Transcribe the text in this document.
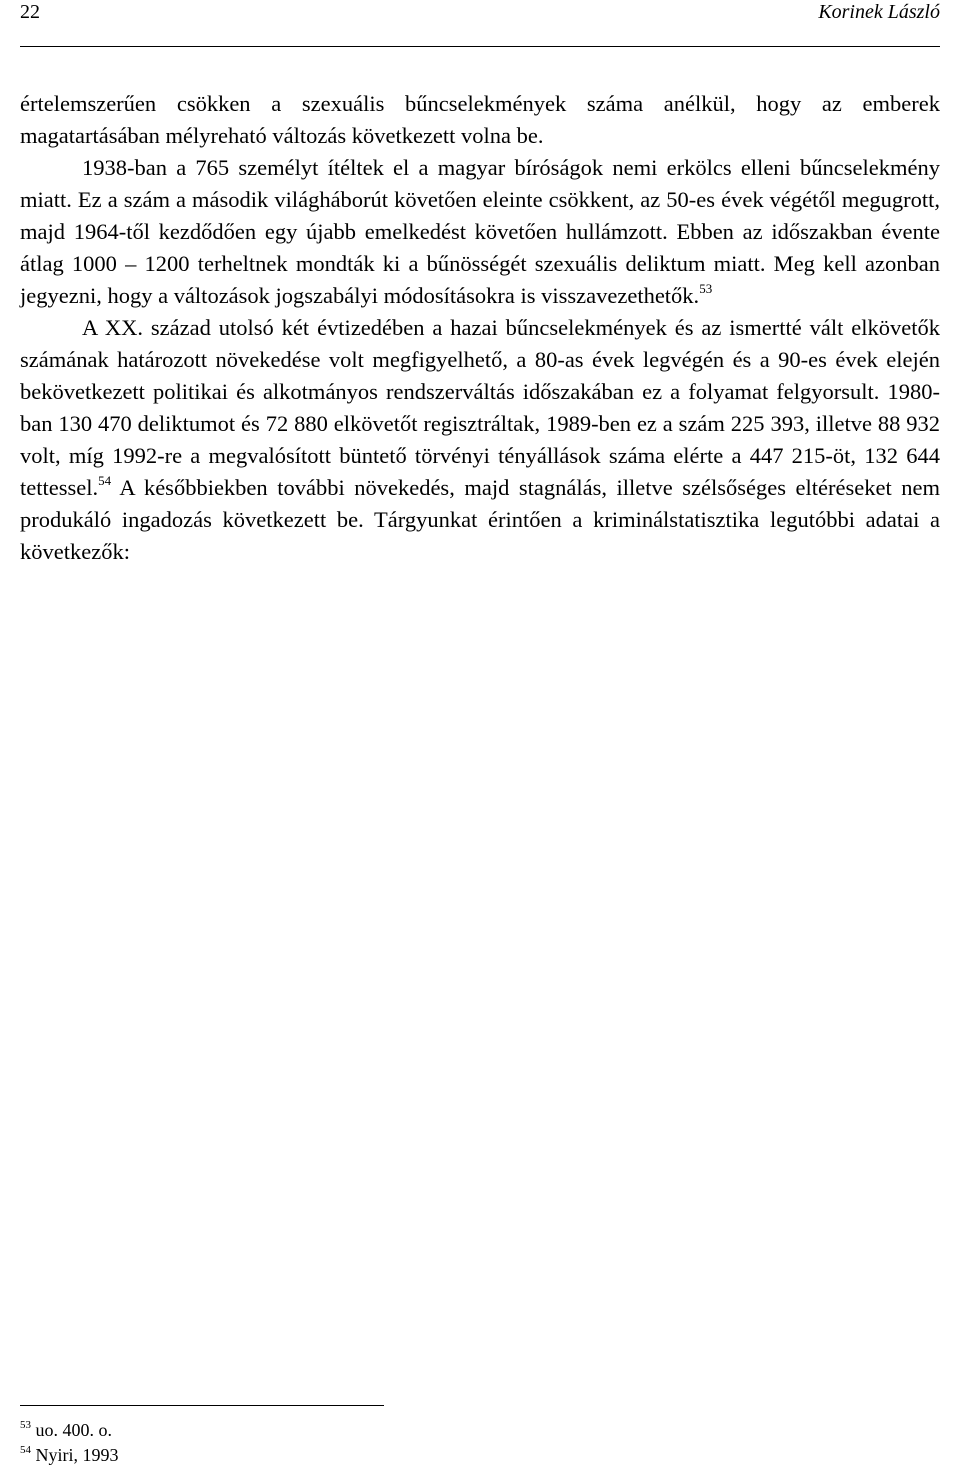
22	Korinek László

értelemszerűen csökken a szexuális bűncselekmények száma anélkül, hogy az emberek magatartásában mélyreható változás következett volna be.

1938-ban a 765 személyt ítéltek el a magyar bíróságok nemi erkölcs elleni bűncselekmény miatt. Ez a szám a második világháborút követően eleinte csökkent, az 50-es évek végétől megugrott, majd 1964-től kezdődően egy újabb emelkedést követően hullámzott. Ebben az időszakban évente átlag 1000 – 1200 terheltnek mondták ki a bűnösségét szexuális deliktum miatt. Meg kell azonban jegyezni, hogy a változások jogszabályi módosításokra is visszavezethetők.$^{53}$

A XX. század utolsó két évtizedében a hazai bűncselekmények és az ismertté vált elkövetők számának határozott növekedése volt megfigyelhető, a 80-as évek legvégén és a 90-es évek elején bekövetkezett politikai és alkotmányos rendszerváltás időszakában ez a folyamat felgyorsult. 1980-ban 130 470 deliktumot és 72 880 elkövetőt regisztráltak, 1989-ben ez a szám 225 393, illetve 88 932 volt, míg 1992-re a megvalósított büntető törvényi tényállások száma elérte a 447 215-öt, 132 644 tettessel.$^{54}$ A későbbiekben további növekedés, majd stagnálás, illetve szélsőséges eltéréseket nem produkáló ingadozás következett be. Tárgyunkat érintően a kriminálstatisztika legutóbbi adatai a következők:

$^{53}$ uo. 400. o.
$^{54}$ Nyiri, 1993
